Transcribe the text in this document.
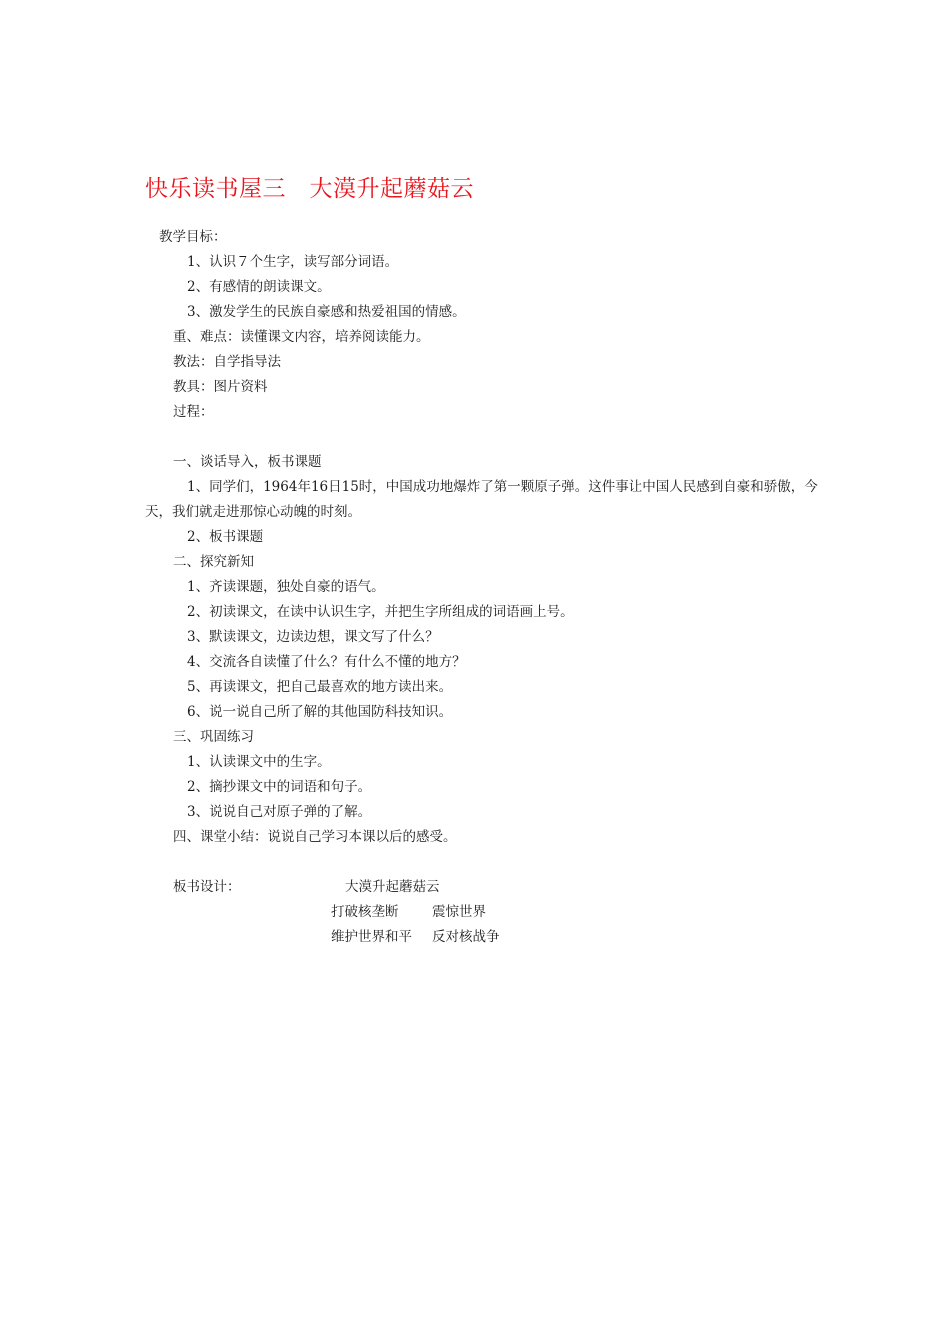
快乐读书屋三　大漠升起蘑菇云
教学目标：
1、认识７个生字，读写部分词语。
2、有感情的朗读课文。
3、激发学生的民族自豪感和热爱祖国的情感。
重、难点：读懂课文内容，培养阅读能力。
教法：自学指导法
教具：图片资料
过程：
一、谈话导入，板书课题
1、同学们，1964年16日15时，中国成功地爆炸了第一颗原子弹。这件事让中国人民感到自豪和骄傲，今天，我们就走进那惊心动魄的时刻。
2、板书课题
二、探究新知
1、齐读课题，独处自豪的语气。
2、初读课文，在读中认识生字，并把生字所组成的词语画上号。
3、默读课文，边读边想，课文写了什么？
4、交流各自读懂了什么？有什么不懂的地方？
5、再读课文，把自己最喜欢的地方读出来。
6、说一说自己所了解的其他国防科技知识。
三、巩固练习
1、认读课文中的生字。
2、摘抄课文中的词语和句子。
3、说说自己对原子弹的了解。
四、课堂小结：说说自己学习本课以后的感受。
板书设计：	大漠升起蘑菇云
打破核垄断 震惊世界
维护世界和平 反对核战争
